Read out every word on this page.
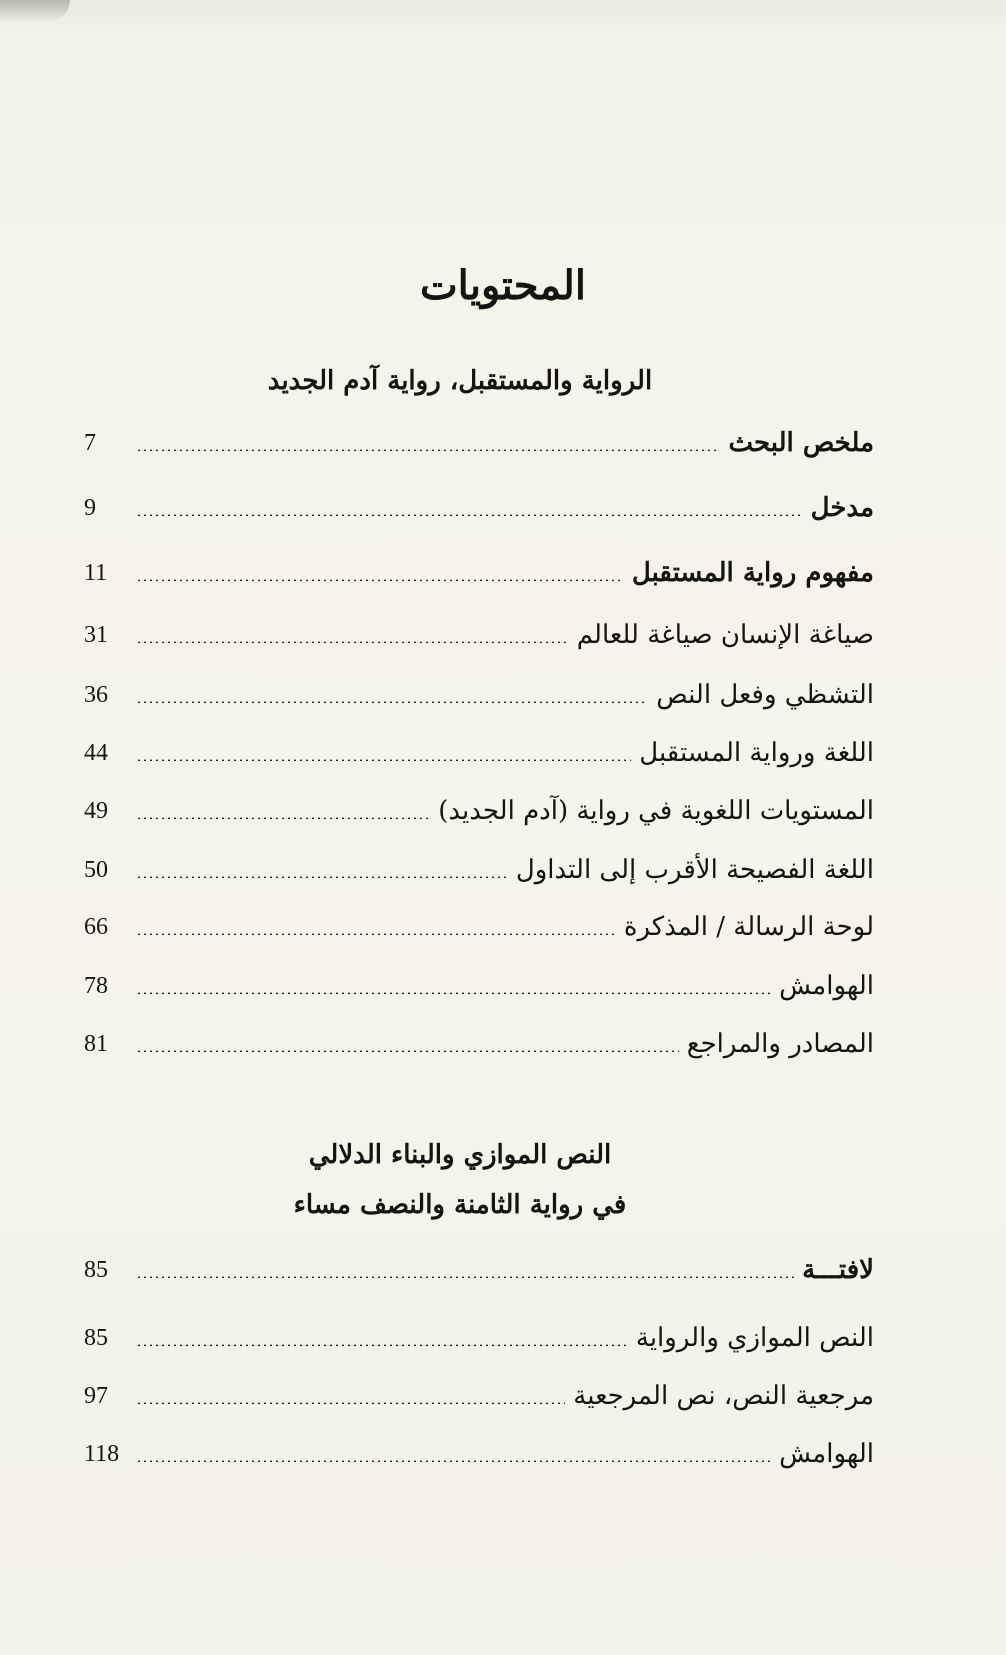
المحتويات
الرواية والمستقبل، رواية آدم الجديد
ملخص البحث
7
مدخل
9
مفهوم رواية المستقبل
11
صياغة الإنسان صياغة للعالم
31
التشظي وفعل النص
36
اللغة ورواية المستقبل
44
المستويات اللغوية في رواية (آدم الجديد)
49
اللغة الفصيحة الأقرب إلى التداول
50
لوحة الرسالة / المذكرة
66
الهوامش
78
المصادر والمراجع
81
النص الموازي والبناء الدلالي
في رواية الثامنة والنصف مساء
لافتـــة
85
النص الموازي والرواية
85
مرجعية النص، نص المرجعية
97
الهوامش
118
